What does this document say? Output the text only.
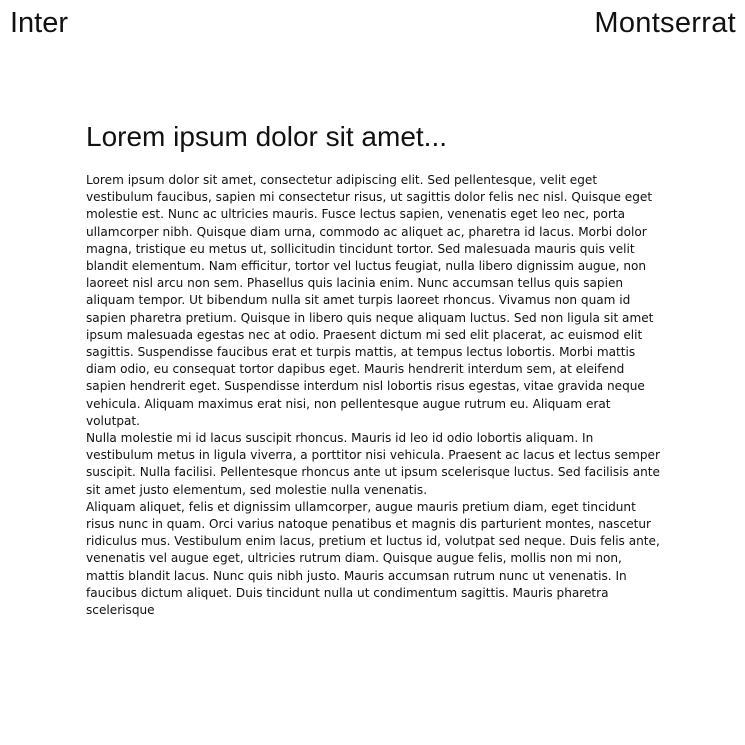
Inter	Montserrat
Lorem ipsum dolor sit amet...

Lorem ipsum dolor sit amet, consectetur adipiscing elit. Sed pellentesque, velit eget vestibulum faucibus, sapien mi consectetur risus, ut sagittis dolor felis nec nisl. Quisque eget molestie est. Nunc ac ultricies mauris. Fusce lectus sapien, venenatis eget leo nec, porta ullamcorper nibh. Quisque diam urna, commodo ac aliquet ac, pharetra id lacus. Morbi dolor magna, tristique eu metus ut, sollicitudin tincidunt tortor. Sed malesuada mauris quis velit blandit elementum. Nam efficitur, tortor vel luctus feugiat, nulla libero dignissim augue, non laoreet nisl arcu non sem. Phasellus quis lacinia enim. Nunc accumsan tellus quis sapien aliquam tempor. Ut bibendum nulla sit amet turpis laoreet rhoncus. Vivamus non quam id sapien pharetra pretium. Quisque in libero quis neque aliquam luctus. Sed non ligula sit amet ipsum malesuada egestas nec at odio. Praesent dictum mi sed elit placerat, ac euismod elit sagittis. Suspendisse faucibus erat et turpis mattis, at tempus lectus lobortis. Morbi mattis diam odio, eu consequat tortor dapibus eget. Mauris hendrerit interdum sem, at eleifend sapien hendrerit eget. Suspendisse interdum nisl lobortis risus egestas, vitae gravida neque vehicula. Aliquam maximus erat nisi, non pellentesque augue rutrum eu. Aliquam erat volutpat.

Nulla molestie mi id lacus suscipit rhoncus. Mauris id leo id odio lobortis aliquam. In vestibulum metus in ligula viverra, a porttitor nisi vehicula. Praesent ac lacus et lectus semper suscipit. Nulla facilisi. Pellentesque rhoncus ante ut ipsum scelerisque luctus. Sed facilisis ante sit amet justo elementum, sed molestie nulla venenatis.

Aliquam aliquet, felis et dignissim ullamcorper, augue mauris pretium diam, eget tincidunt risus nunc in quam. Orci varius natoque penatibus et magnis dis parturient montes, nascetur ridiculus mus. Vestibulum enim lacus, pretium et luctus id, volutpat sed neque. Duis felis ante, venenatis vel augue eget, ultricies rutrum diam. Quisque augue felis, mollis non mi non, mattis blandit lacus. Nunc quis nibh justo. Mauris accumsan rutrum nunc ut venenatis. In faucibus dictum aliquet. Duis tincidunt nulla ut condimentum sagittis. Mauris pharetra scelerisque
